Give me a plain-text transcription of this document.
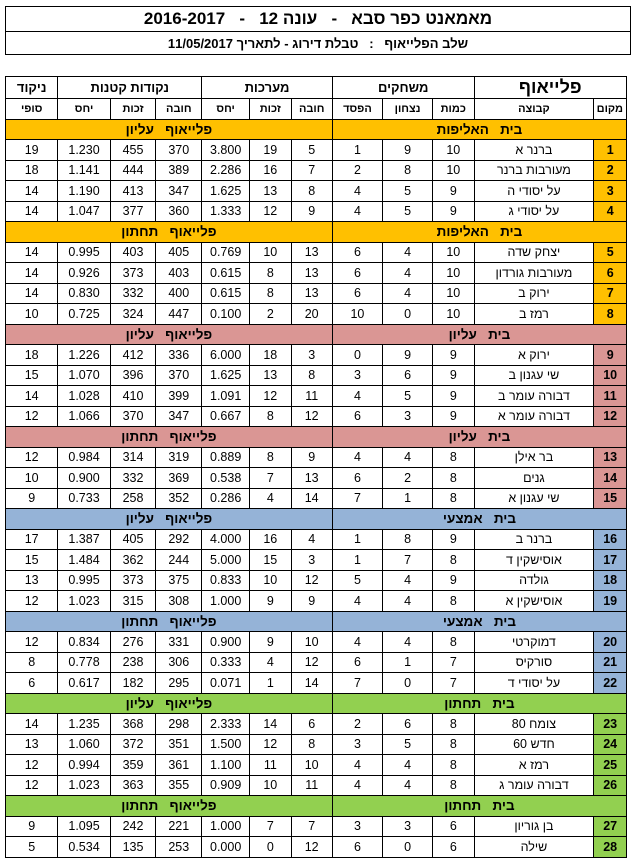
מאמאנט כפר סבא   -   עונה 12   -   2016-2017
שלב הפלייאוף   :   טבלת דירוג - לתאריך 11/05/2017
פלייאוף		משחקים			מערכות			נקודות קטנות			ניקוד
מקום	קבוצה	כמות	נצחון	הפסד	חובה	זכות	יחס	חובה	זכות	יחס	סופי
בית   האליפות					פלייאוף   עליון						
1	ברנר א	10	9	1	5	19	3.800	370	455	1.230	19
2	מעורבות ברנר	10	8	2	7	16	2.286	389	444	1.141	18
3	על יסודי ה	9	5	4	8	13	1.625	347	413	1.190	14
4	על יסודי ג	9	5	4	9	12	1.333	360	377	1.047	14
בית   האליפות					פלייאוף   תחתון						
5	יצחק שדה	10	4	6	13	10	0.769	405	403	0.995	14
6	מעורבות גורדון	10	4	6	13	8	0.615	403	373	0.926	14
7	ירוק ב	10	4	6	13	8	0.615	400	332	0.830	14
8	רמז ב	10	0	10	20	2	0.100	447	324	0.725	10
בית   עליון					פלייאוף   עליון						
9	ירוק א	9	9	0	3	18	6.000	336	412	1.226	18
10	שי עגנון ב	9	6	3	8	13	1.625	370	396	1.070	15
11	דבורה עומר ב	9	5	4	11	12	1.091	399	410	1.028	14
12	דבורה עומר א	9	3	6	12	8	0.667	347	370	1.066	12
בית   עליון					פלייאוף   תחתון						
13	בר אילן	8	4	4	9	8	0.889	319	314	0.984	12
14	גנים	8	2	6	13	7	0.538	369	332	0.900	10
15	שי עגנון א	8	1	7	14	4	0.286	352	258	0.733	9
בית   אמצעי					פלייאוף   עליון						
16	ברנר ב	9	8	1	4	16	4.000	292	405	1.387	17
17	אוסישקין ד	8	7	1	3	15	5.000	244	362	1.484	15
18	גולדה	9	4	5	12	10	0.833	375	373	0.995	13
19	אוסישקין א	8	4	4	9	9	1.000	308	315	1.023	12
בית   אמצעי					פלייאוף   תחתון						
20	דמוקרטי	8	4	4	10	9	0.900	331	276	0.834	12
21	סורקיס	7	1	6	12	4	0.333	306	238	0.778	8
22	על יסודי ד	7	0	7	14	1	0.071	295	182	0.617	6
בית   תחתון					פלייאוף   עליון						
23	צומח 80	8	6	2	6	14	2.333	298	368	1.235	14
24	חדש 60	8	5	3	8	12	1.500	351	372	1.060	13
25	רמז א	8	4	4	10	11	1.100	361	359	0.994	12
26	דבורה עומר ג	8	4	4	11	10	0.909	355	363	1.023	12
בית   תחתון					פלייאוף   תחתון						
27	בן גוריון	6	3	3	7	7	1.000	221	242	1.095	9
28	שילה	6	0	6	12	0	0.000	253	135	0.534	5
